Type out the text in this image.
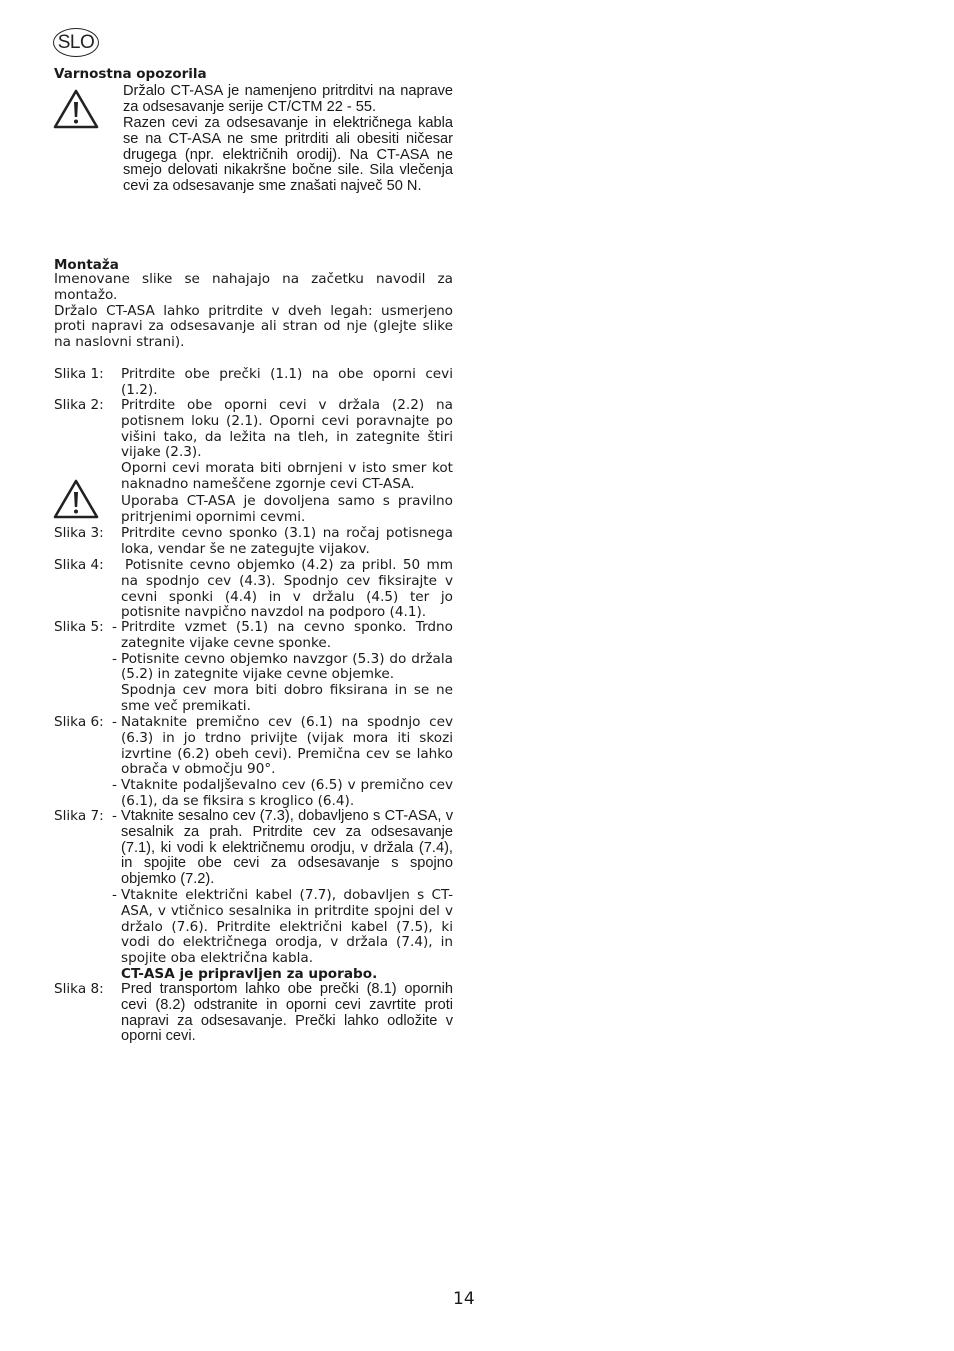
SLO
Varnostna opozorila
Držalo CT-ASA je namenjeno pritrditvi na naprave za odsesavanje serije CT/CTM 22 - 55.
Razen cevi za odsesavanje in električnega kabla se na CT-ASA ne sme pritrditi ali obesiti ničesar drugega (npr. električnih orodij). Na CT-ASA ne smejo delovati nikakršne bočne sile. Sila vlečenja cevi za odsesavanje sme znašati največ 50 N.
Montaža

Imenovane slike se nahajajo na začetku navodil za montažo.

Držalo CT-ASA lahko pritrdite v dveh legah: usmerjeno proti napravi za odsesavanje ali stran od nje (glejte slike na naslovni strani).

Slika 1: Pritrdite obe prečki (1.1) na obe oporni cevi (1.2).

Slika 2: Pritrdite obe oporni cevi v držala (2.2) na potisnem loku (2.1). Oporni cevi poravnajte po višini tako, da ležita na tleh, in zategnite štiri vijake (2.3).

Oporni cevi morata biti obrnjeni v isto smer kot naknadno nameščene zgornje cevi CT-ASA.

Uporaba CT-ASA je dovoljena samo s pravilno pritrjenimi opornimi cevmi.

Slika 3: Pritrdite cevno sponko (3.1) na ročaj potisnega loka, vendar še ne zategujte vijakov.

Slika 4: Potisnite cevno objemko (4.2) za pribl. 50 mm na spodnjo cev (4.3). Spodnjo cev fiksirajte v cevni sponki (4.4) in v držalu (4.5) ter jo potisnite navpično navzdol na podporo (4.1).

Slika 5: - Pritrdite vzmet (5.1) na cevno sponko. Trdno zategnite vijake cevne sponke.

- Potisnite cevno objemko navzgor (5.3) do držala (5.2) in zategnite vijake cevne objemke.

Spodnja cev mora biti dobro fiksirana in se ne sme več premikati.

Slika 6: - Nataknite premično cev (6.1) na spodnjo cev (6.3) in jo trdno privijte (vijak mora iti skozi izvrtine (6.2) obeh cevi). Premična cev se lahko obrača v območju 90°.

- Vtaknite podaljševalno cev (6.5) v premično cev (6.1), da se fiksira s kroglico (6.4).

Slika 7: - Vtaknite sesalno cev (7.3), dobavljeno s CT-ASA, v sesalnik za prah. Pritrdite cev za odsesavanje (7.1), ki vodi k električnemu orodju, v držala (7.4), in spojite obe cevi za odsesavanje s spojno objemko (7.2).

- Vtaknite električni kabel (7.7), dobavljen s CT-ASA, v vtičnico sesalnika in pritrdite spojni del v držalo (7.6). Pritrdite električni kabel (7.5), ki vodi do električnega orodja, v držala (7.4), in spojite oba električna kabla.

CT-ASA je pripravljen za uporabo.

Slika 8: Pred transportom lahko obe prečki (8.1) opornih cevi (8.2) odstranite in oporni cevi zavrtite proti napravi za odsesavanje. Prečki lahko odložite v oporni cevi.

14
